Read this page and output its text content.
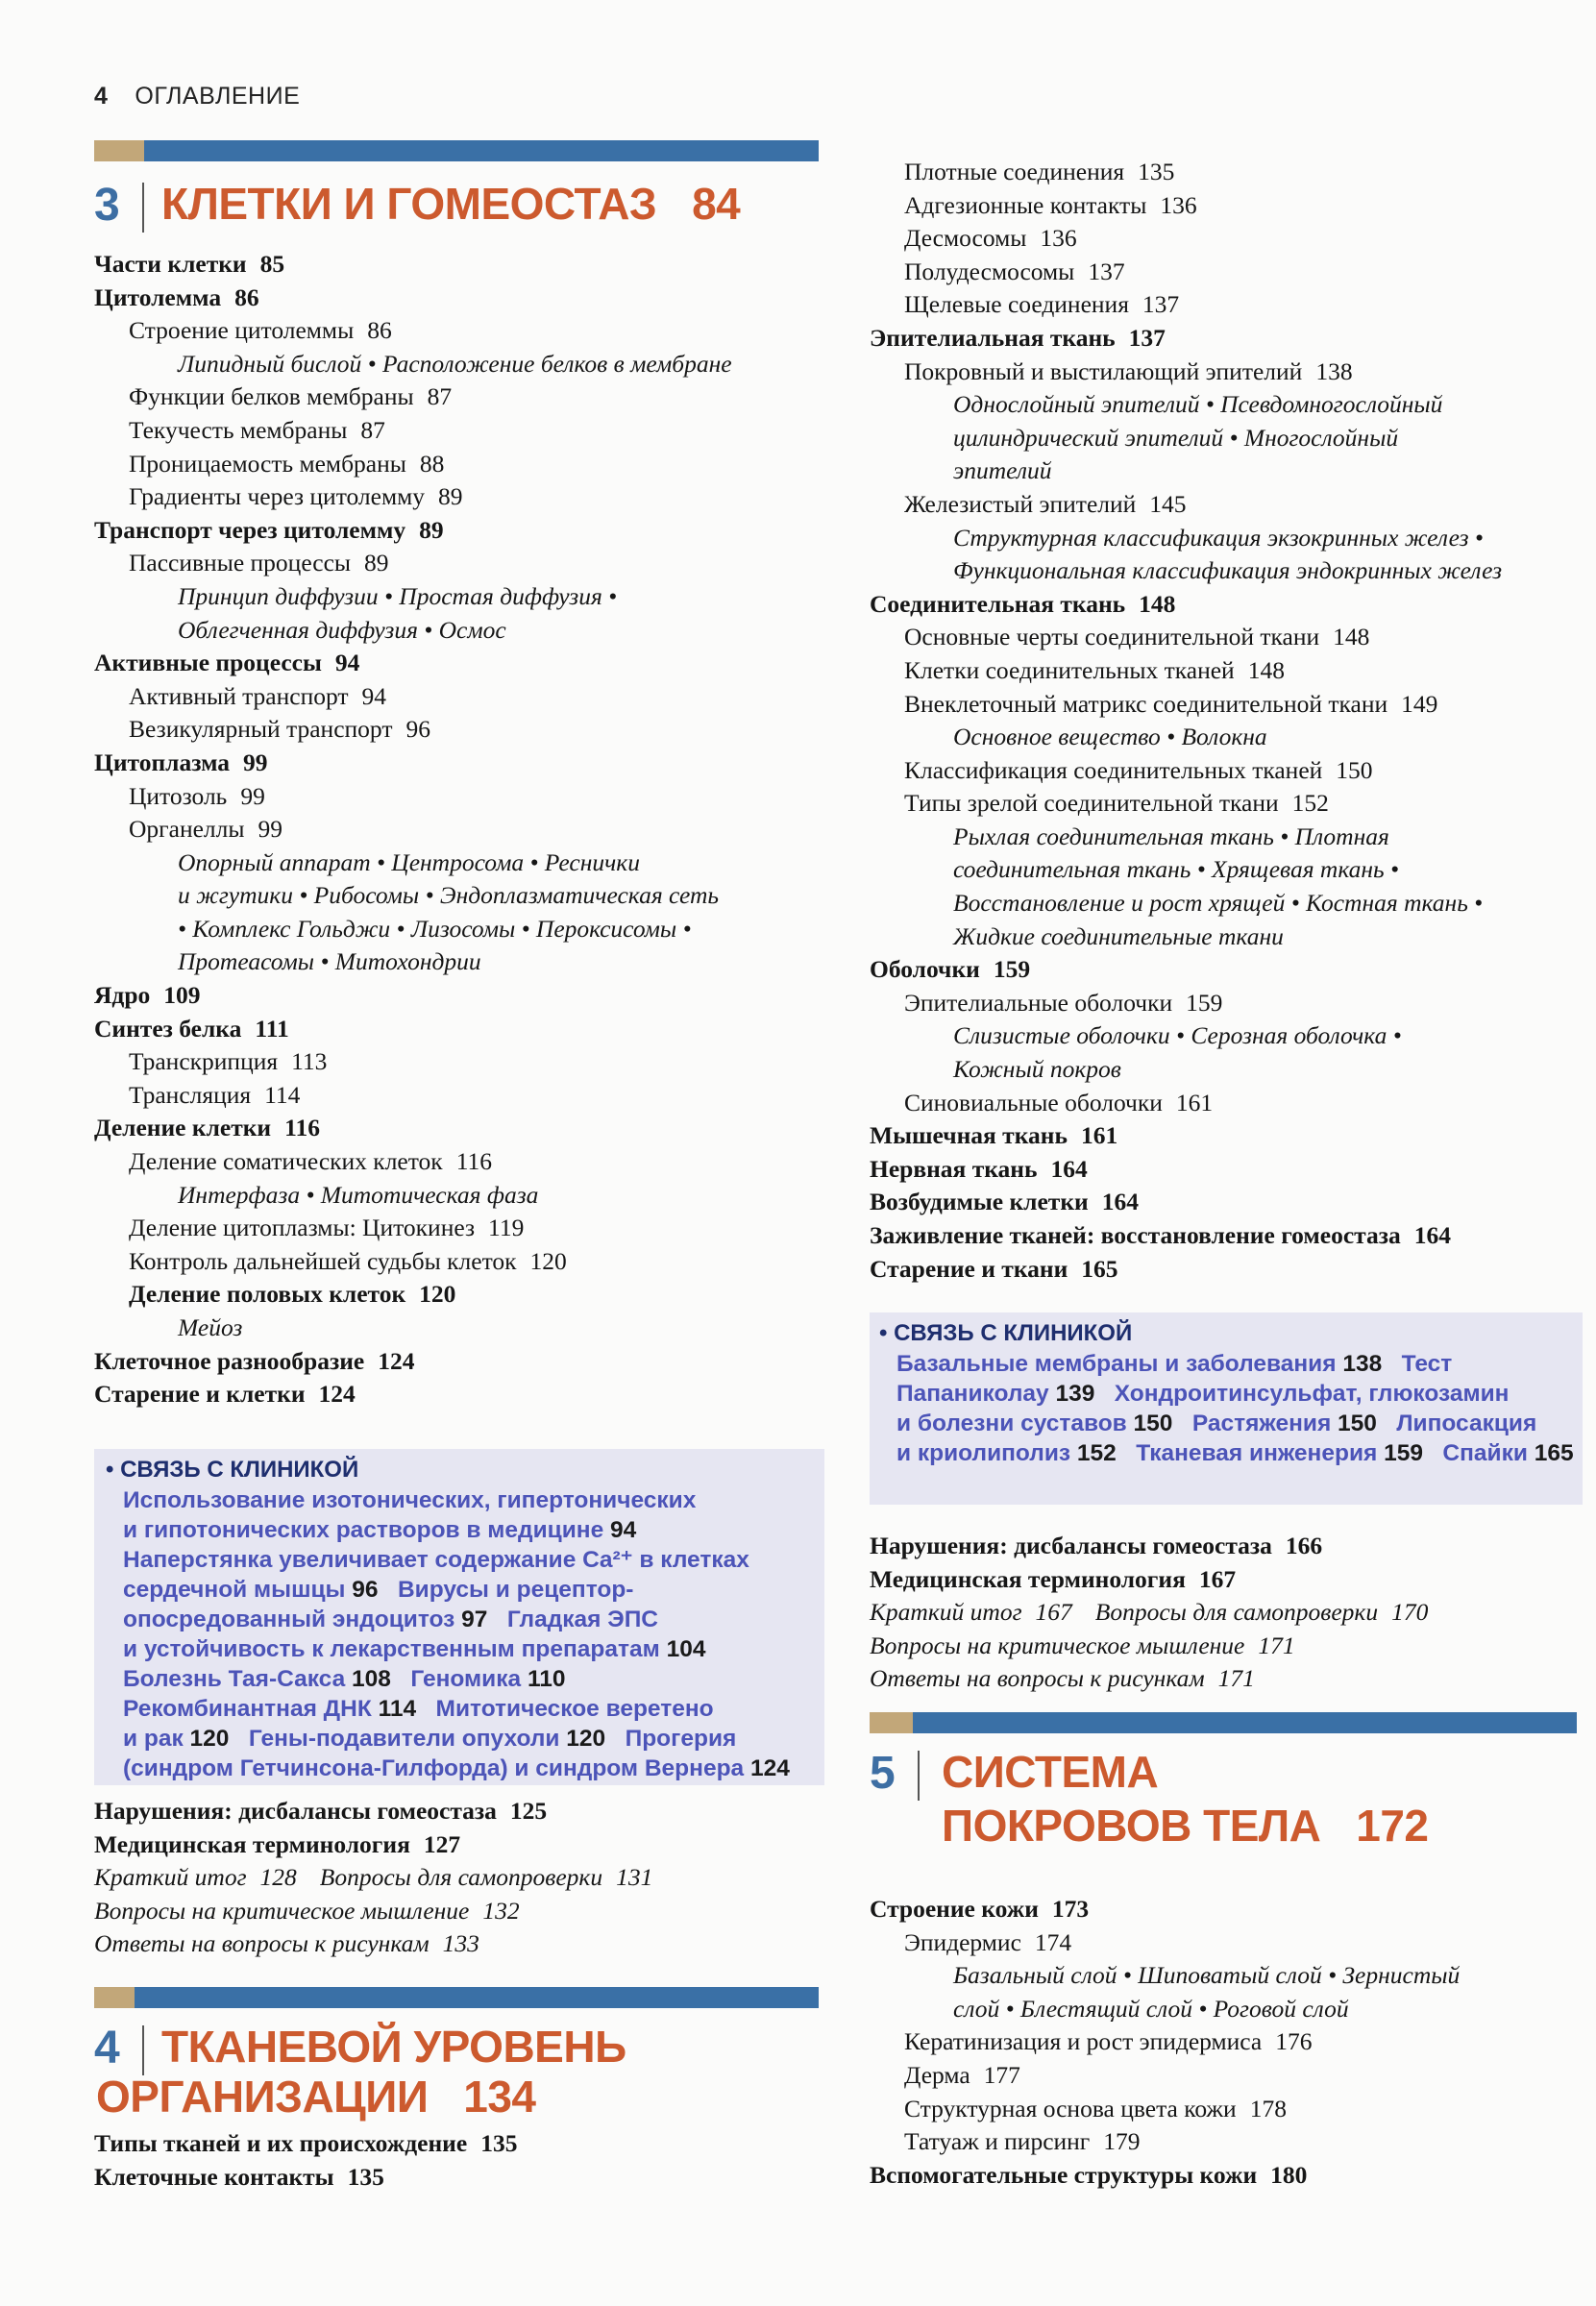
4 ОГЛАВЛЕНИЕ
3 КЛЕТКИ И ГОМЕОСТАЗ 84
Части клетки 85
Цитолемма 86
Строение цитолеммы 86
Липидный бислой • Расположение белков в мембране
Функции белков мембраны 87
Текучесть мембраны 87
Проницаемость мембраны 88
Градиенты через цитолемму 89
Транспорт через цитолемму 89
Пассивные процессы 89
Принцип диффузии • Простая диффузия •
Облегченная диффузия • Осмос
Активные процессы 94
Активный транспорт 94
Везикулярный транспорт 96
Цитоплазма 99
Цитозоль 99
Органеллы 99
Опорный аппарат • Центросома • Реснички
и жгутики • Рибосомы • Эндоплазматическая сеть
• Комплекс Гольджи • Лизосомы • Пероксисомы •
Протеасомы • Митохондрии
Ядро 109
Синтез белка 111
Транскрипция 113
Трансляция 114
Деление клетки 116
Деление соматических клеток 116
Интерфаза • Митотическая фаза
Деление цитоплазмы: Цитокинез 119
Контроль дальнейшей судьбы клеток 120
Деление половых клеток 120
Мейоз
Клеточное разнообразие 124
Старение и клетки 124
• СВЯЗЬ С КЛИНИКОЙ
Использование изотонических, гипертонических
и гипотонических растворов в медицине 94
Наперстянка увеличивает содержание Ca²⁺ в клетках
сердечной мышцы 96   Вирусы и рецептор-
опосредованный эндоцитоз 97   Гладкая ЭПС
и устойчивость к лекарственным препаратам 104
Болезнь Тая-Сакса 108   Геномика 110
Рекомбинантная ДНК 114   Митотическое веретено
и рак 120   Гены-подавители опухоли 120   Прогерия
(синдром Гетчинсона-Гилфорда) и синдром Вернера 124
Нарушения: дисбалансы гомеостаза 125
Медицинская терминология 127
Краткий итог 128 Вопросы для самопроверки 131
Вопросы на критическое мышление 132
Ответы на вопросы к рисункам 133
4 ТКАНЕВОЙ УРОВЕНЬ
ОРГАНИЗАЦИИ 134
Типы тканей и их происхождение 135
Клеточные контакты 135
Плотные соединения 135
Адгезионные контакты 136
Десмосомы 136
Полудесмосомы 137
Щелевые соединения 137
Эпителиальная ткань 137
Покровный и выстилающий эпителий 138
Однослойный эпителий • Псевдомногослойный
цилиндрический эпителий • Многослойный
эпителий
Железистый эпителий 145
Структурная классификация экзокринных желез •
Функциональная классификация эндокринных желез
Соединительная ткань 148
Основные черты соединительной ткани 148
Клетки соединительных тканей 148
Внеклеточный матрикс соединительной ткани 149
Основное вещество • Волокна
Классификация соединительных тканей 150
Типы зрелой соединительной ткани 152
Рыхлая соединительная ткань • Плотная
соединительная ткань • Хрящевая ткань •
Восстановление и рост хрящей • Костная ткань •
Жидкие соединительные ткани
Оболочки 159
Эпителиальные оболочки 159
Слизистые оболочки • Серозная оболочка •
Кожный покров
Синовиальные оболочки 161
Мышечная ткань 161
Нервная ткань 164
Возбудимые клетки 164
Заживление тканей: восстановление гомеостаза 164
Старение и ткани 165
• СВЯЗЬ С КЛИНИКОЙ
Базальные мембраны и заболевания 138   Тест
Папаниколау 139   Хондроитинсульфат, глюкозамин
и болезни суставов 150   Растяжения 150   Липосакция
и криолиполиз 152   Тканевая инженерия 159   Спайки 165
Нарушения: дисбалансы гомеостаза 166
Медицинская терминология 167
Краткий итог 167 Вопросы для самопроверки 170
Вопросы на критическое мышление 171
Ответы на вопросы к рисункам 171
5 СИСТЕМА
ПОКРОВОВ ТЕЛА 172
Строение кожи 173
Эпидермис 174
Базальный слой • Шиповатый слой • Зернистый
слой • Блестящий слой • Роговой слой
Кератинизация и рост эпидермиса 176
Дерма 177
Структурная основа цвета кожи 178
Татуаж и пирсинг 179
Вспомогательные структуры кожи 180
